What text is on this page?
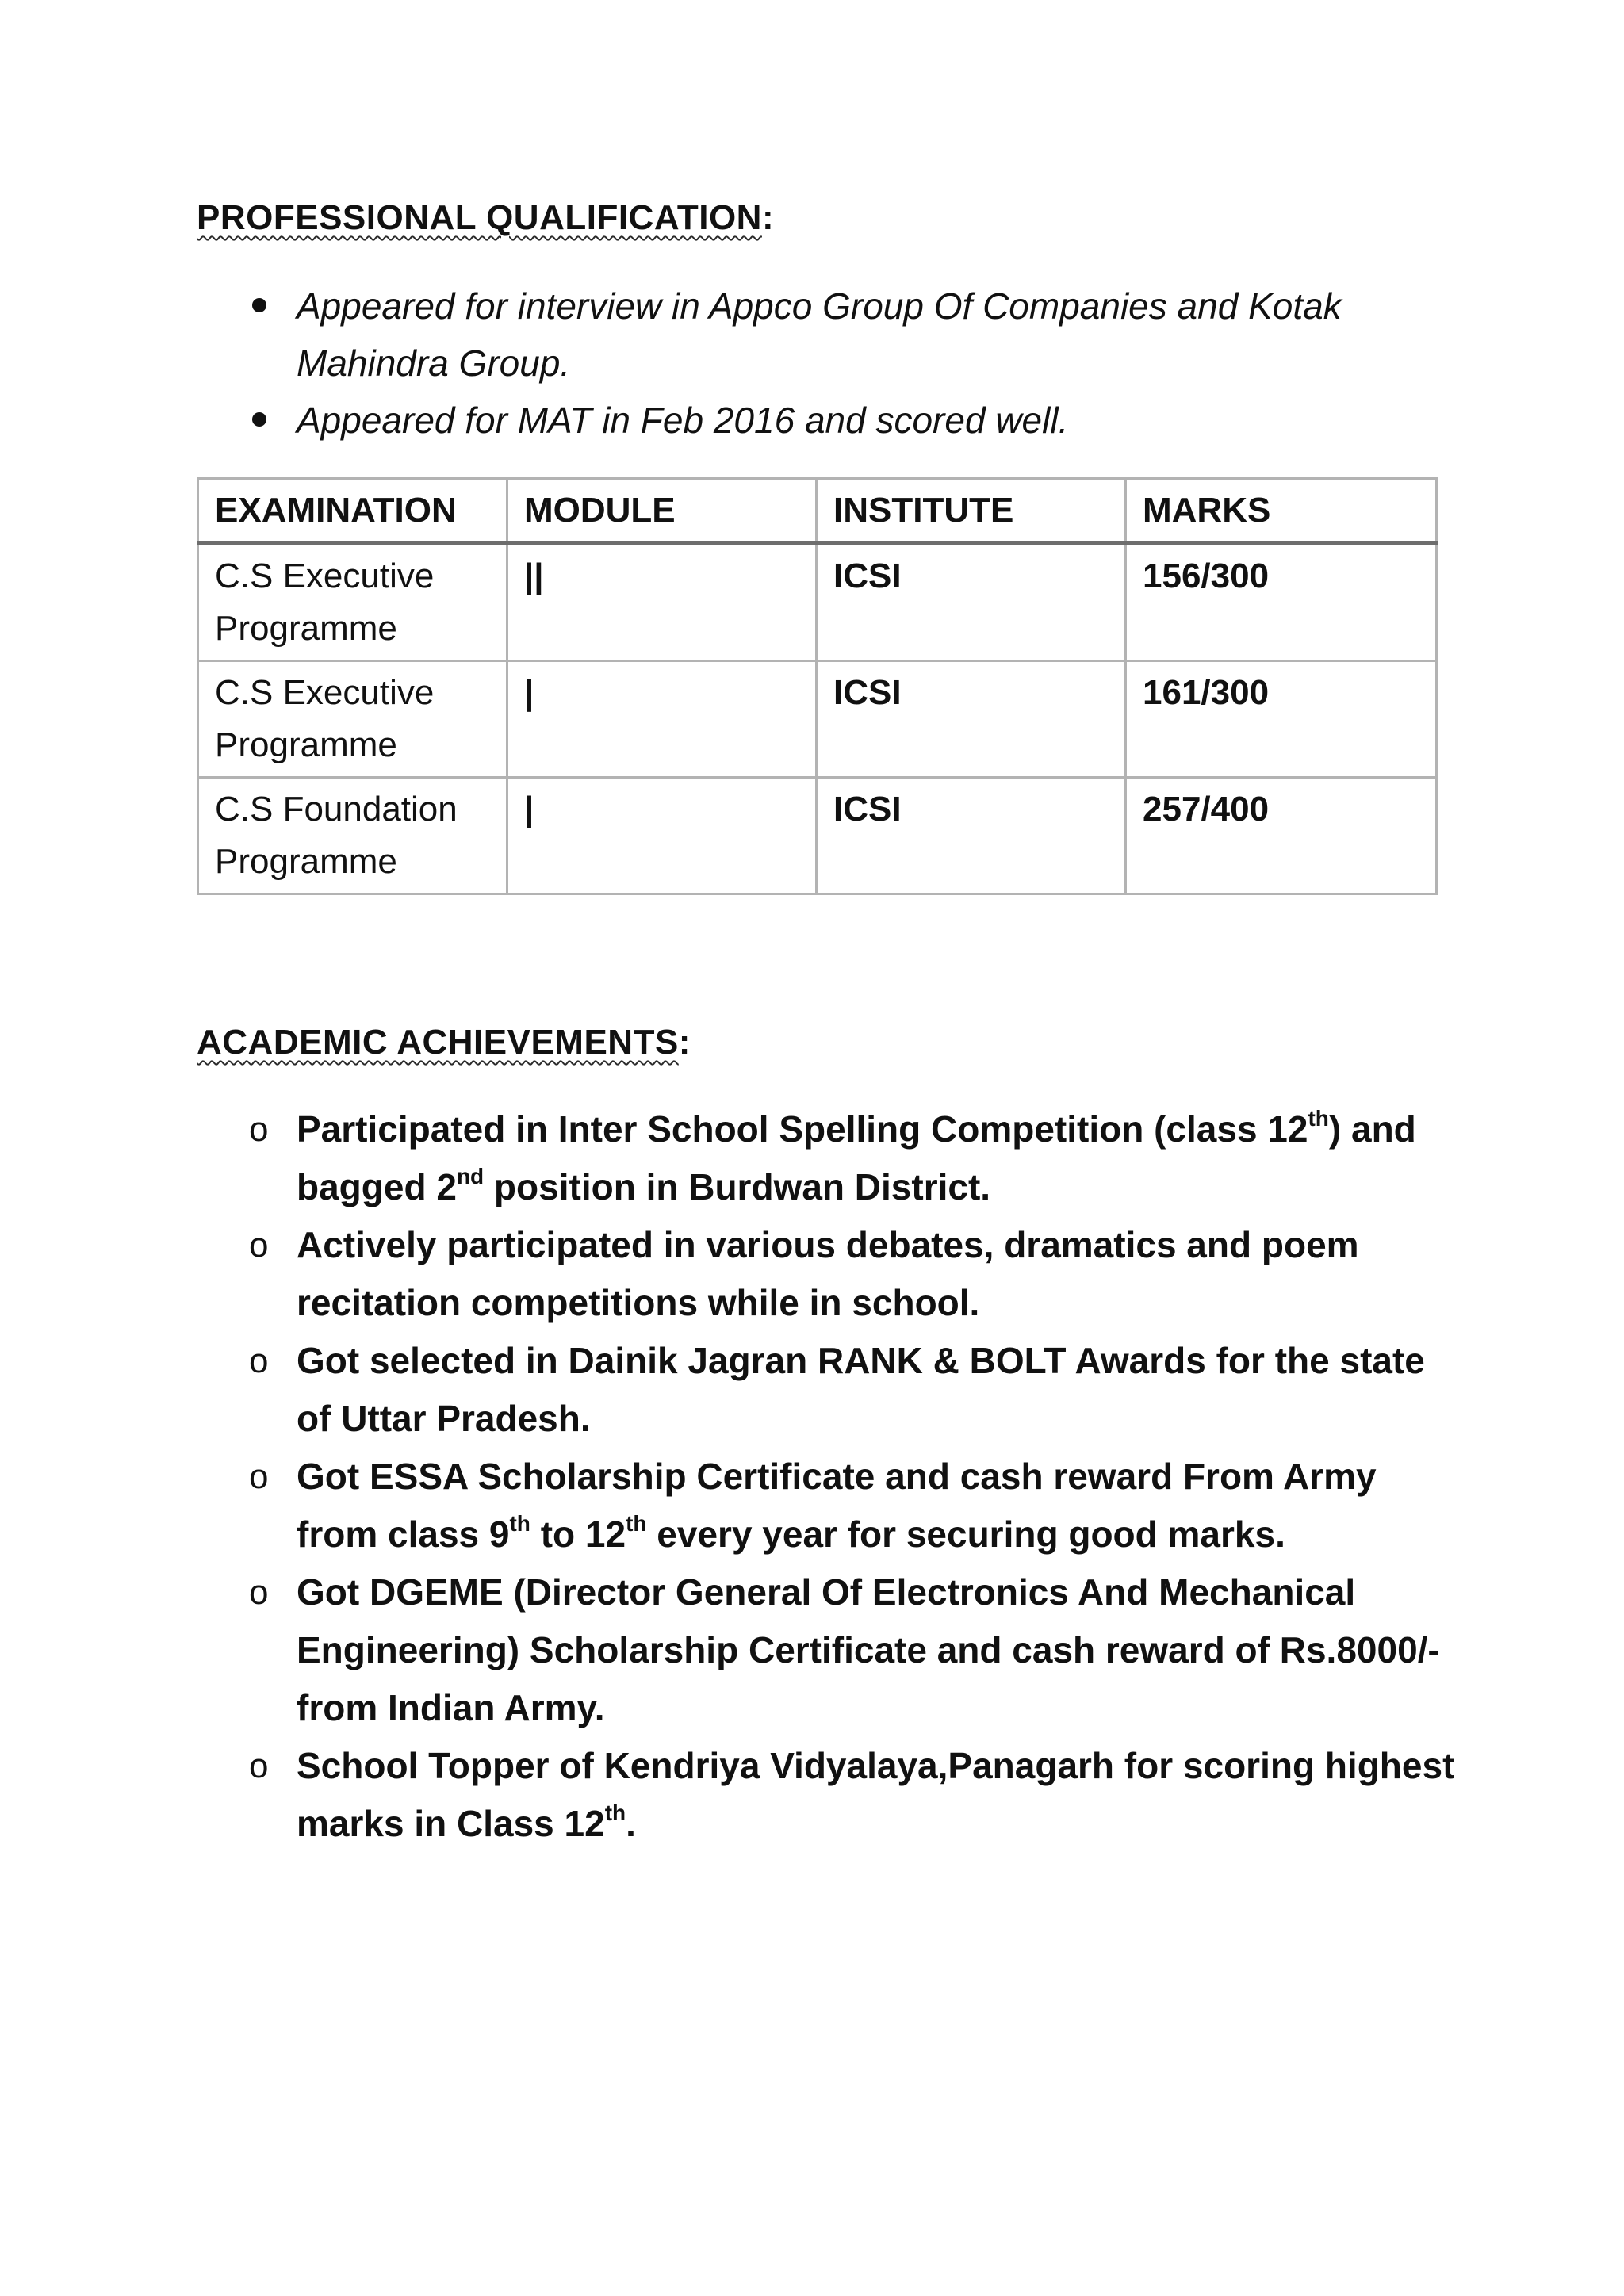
PROFESSIONAL QUALIFICATION:
Appeared for interview in Appco Group Of Companies and Kotak Mahindra Group.
Appeared for MAT in Feb 2016 and scored well.
EXAMINATION	MODULE	INSTITUTE	MARKS
C.S Executive Programme	||	ICSI	156/300
C.S Executive Programme	|	ICSI	161/300
C.S Foundation Programme	|	ICSI	257/400
ACADEMIC ACHIEVEMENTS:
o Participated in Inter School Spelling Competition (class 12th) and bagged 2nd position in Burdwan District.
o Actively participated in various debates, dramatics and poem recitation competitions while in school.
o Got selected in Dainik Jagran RANK & BOLT Awards for the state of Uttar Pradesh.
o Got ESSA Scholarship Certificate and cash reward From Army from class 9th to 12th every year for securing good marks.
o Got DGEME (Director General Of Electronics And Mechanical Engineering) Scholarship Certificate and cash reward of Rs.8000/- from Indian Army.
o School Topper of Kendriya Vidyalaya,Panagarh for scoring highest marks in Class 12th.
